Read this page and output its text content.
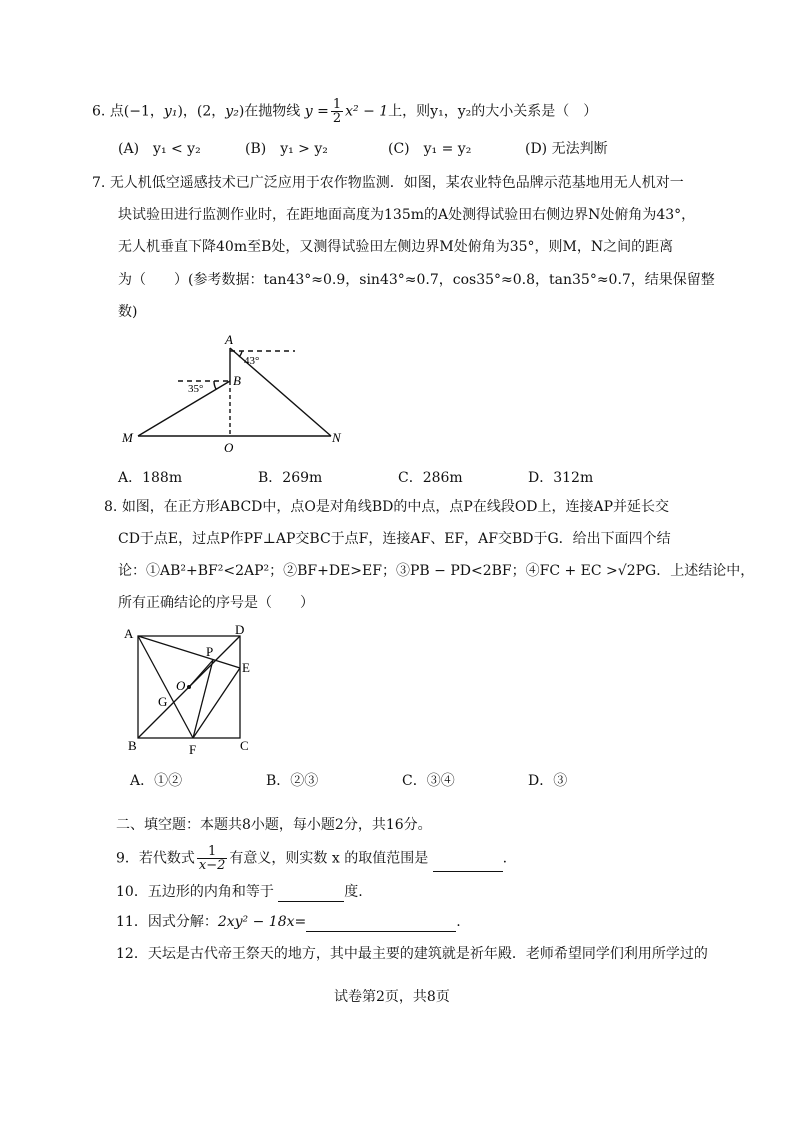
6. 点(−1，y₁)，(2，y₂)在抛物线 $y = \frac{1}{2} x^2 - 1$上，则y₁，y₂的大小关系是（　）
(A)　y₁ < y₂	(B)　y₁ > y₂	(C)　y₁ = y₂	(D) 无法判断
7. 无人机低空遥感技术已广泛应用于农作物监测．如图，某农业特色品牌示范基地用无人机对一
块试验田进行监测作业时，在距地面高度为135m的A处测得试验田右侧边界N处俯角为43°，
无人机垂直下降40m至B处，又测得试验田左侧边界M处俯角为35°，则M，N之间的距离
为（　　）(参考数据：tan43°≈0.9，sin43°≈0.7，cos35°≈0.8，tan35°≈0.7，结果保留整
数)
A
B
O
M	N
43°
35°
A．188m	B．269m	C．286m	D．312m
8. 如图，在正方形ABCD中，点O是对角线BD的中点，点P在线段OD上，连接AP并延长交
CD于点E，过点P作PF⊥AP交BC于点F，连接AF、EF，AF交BD于G．给出下面四个结
论：①AB²+BF²<2AP²；②BF+DE>EF；③PB − PD<2BF；④FC + EC >√2PG．上述结论中，
所有正确结论的序号是（　　）
A
B	C
D
E
F
G
O
P
A．①②	B．②③	C．③④	D．③
二、填空题：本题共8小题，每小题2分，共16分。
9．若代数式 $\frac{1}{x-2}$ 有意义，则实数 x 的取值范围是	.
10．五边形的内角和等于	度.
11．因式分解：2xy² − 18x=	.
12．天坛是古代帝王祭天的地方，其中最主要的建筑就是祈年殿．老师希望同学们利用所学过的
试卷第2页，共8页
